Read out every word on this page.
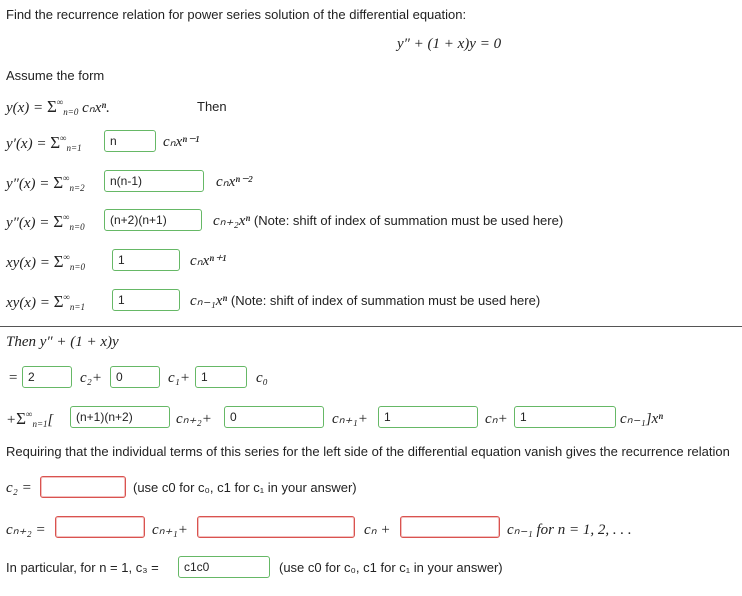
Find the recurrence relation for power series solution of the differential equation:
y″ + (1 + x)y = 0
Assume the form
$y(x) = \Sigma^\infty_{n=0}$ cₙxⁿ.	Then
$y'(x) = \Sigma^\infty_{n=1}$	n	cₙxⁿ⁻¹
$y''(x) = \Sigma^\infty_{n=2}$	n(n-1)	cₙxⁿ⁻²
$y''(x) = \Sigma^\infty_{n=0}$	(n+2)(n+1)	cₙ₊₂xⁿ (Note: shift of index of summation must be used here)
$xy(x) = \Sigma^\infty_{n=0}$	1	cₙxⁿ⁺¹
$xy(x) = \Sigma^\infty_{n=1}$	1	cₙ₋₁xⁿ (Note: shift of index of summation must be used here)
Then y″ + (1 + x)y
= 2	c₂+	0	c₁+ 1	c₀
$+\Sigma^\infty_{n=1}$[	(n+1)(n+2)	cₙ₊₂+	0	cₙ₊₁+	1	cₙ+	1	cₙ₋₁]xⁿ
Requiring that the individual terms of this series for the left side of the differential equation vanish gives the recurrence relation
c₂ =	(use c0 for c₀, c1 for c₁ in your answer)
cₙ₊₂ =	cₙ₊₁+	cₙ +	cₙ₋₁ for n = 1, 2, . . .
In particular, for n = 1, c₃ =	c1c0	(use c0 for c₀, c1 for c₁ in your answer)
